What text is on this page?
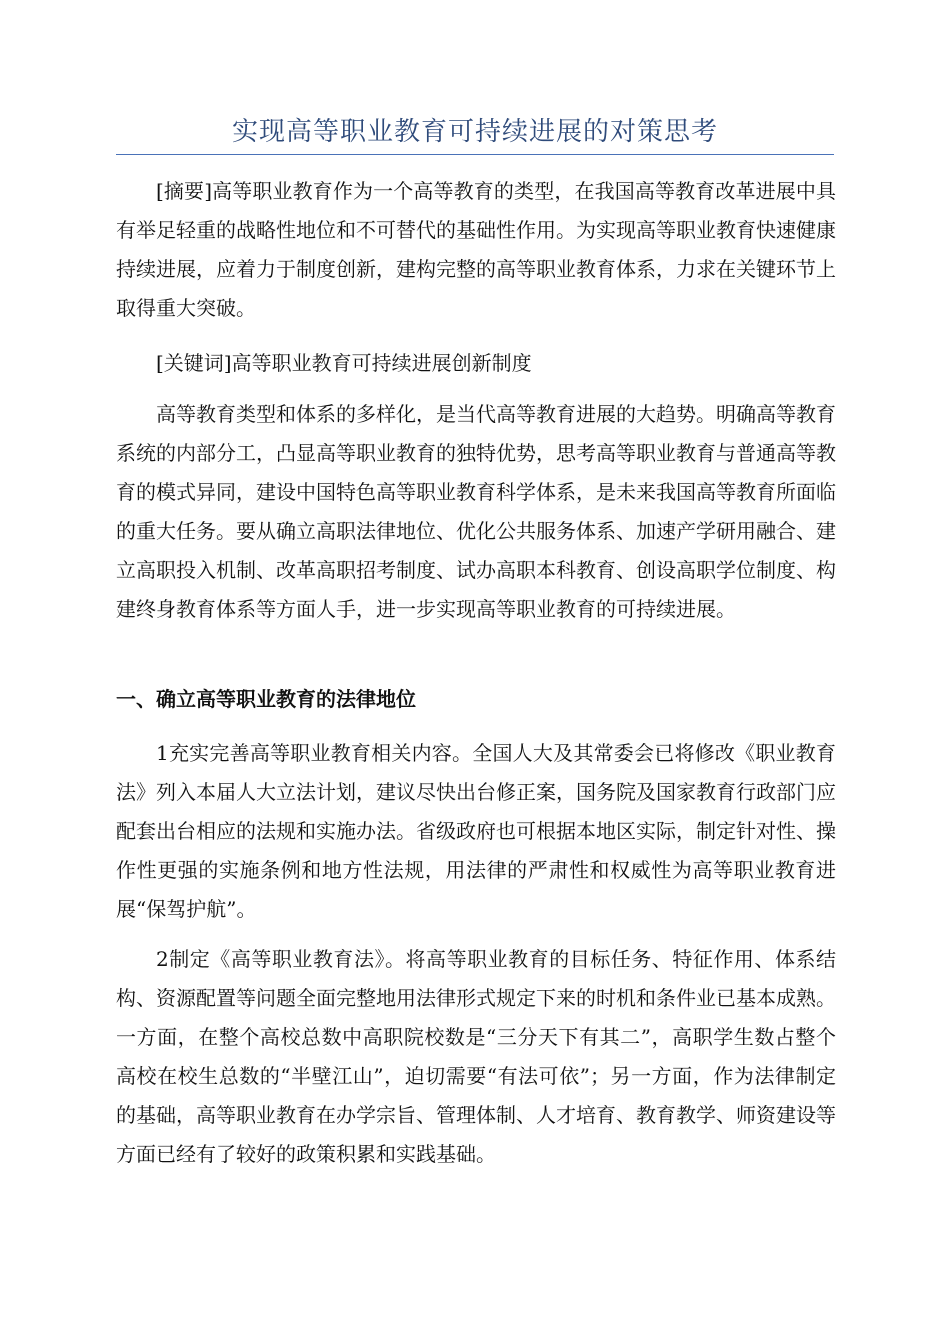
实现高等职业教育可持续进展的对策思考

[摘要]高等职业教育作为一个高等教育的类型，在我国高等教育改革进展中具有举足轻重的战略性地位和不可替代的基础性作用。为实现高等职业教育快速健康持续进展，应着力于制度创新，建构完整的高等职业教育体系，力求在关键环节上取得重大突破。

[关键词]高等职业教育可持续进展创新制度

高等教育类型和体系的多样化，是当代高等教育进展的大趋势。明确高等教育系统的内部分工，凸显高等职业教育的独特优势，思考高等职业教育与普通高等教育的模式异同，建设中国特色高等职业教育科学体系，是未来我国高等教育所面临的重大任务。要从确立高职法律地位、优化公共服务体系、加速产学研用融合、建立高职投入机制、改革高职招考制度、试办高职本科教育、创设高职学位制度、构建终身教育体系等方面人手，进一步实现高等职业教育的可持续进展。

一、确立高等职业教育的法律地位

1充实完善高等职业教育相关内容。全国人大及其常委会已将修改《职业教育法》列入本届人大立法计划，建议尽快出台修正案，国务院及国家教育行政部门应配套出台相应的法规和实施办法。省级政府也可根据本地区实际，制定针对性、操作性更强的实施条例和地方性法规，用法律的严肃性和权威性为高等职业教育进展“保驾护航”。

2制定《高等职业教育法》。将高等职业教育的目标任务、特征作用、体系结构、资源配置等问题全面完整地用法律形式规定下来的时机和条件业已基本成熟。一方面，在整个高校总数中高职院校数是“三分天下有其二”，高职学生数占整个高校在校生总数的“半壁江山”，迫切需要“有法可依”；另一方面，作为法律制定的基础，高等职业教育在办学宗旨、管理体制、人才培育、教育教学、师资建设等方面已经有了较好的政策积累和实践基础。
